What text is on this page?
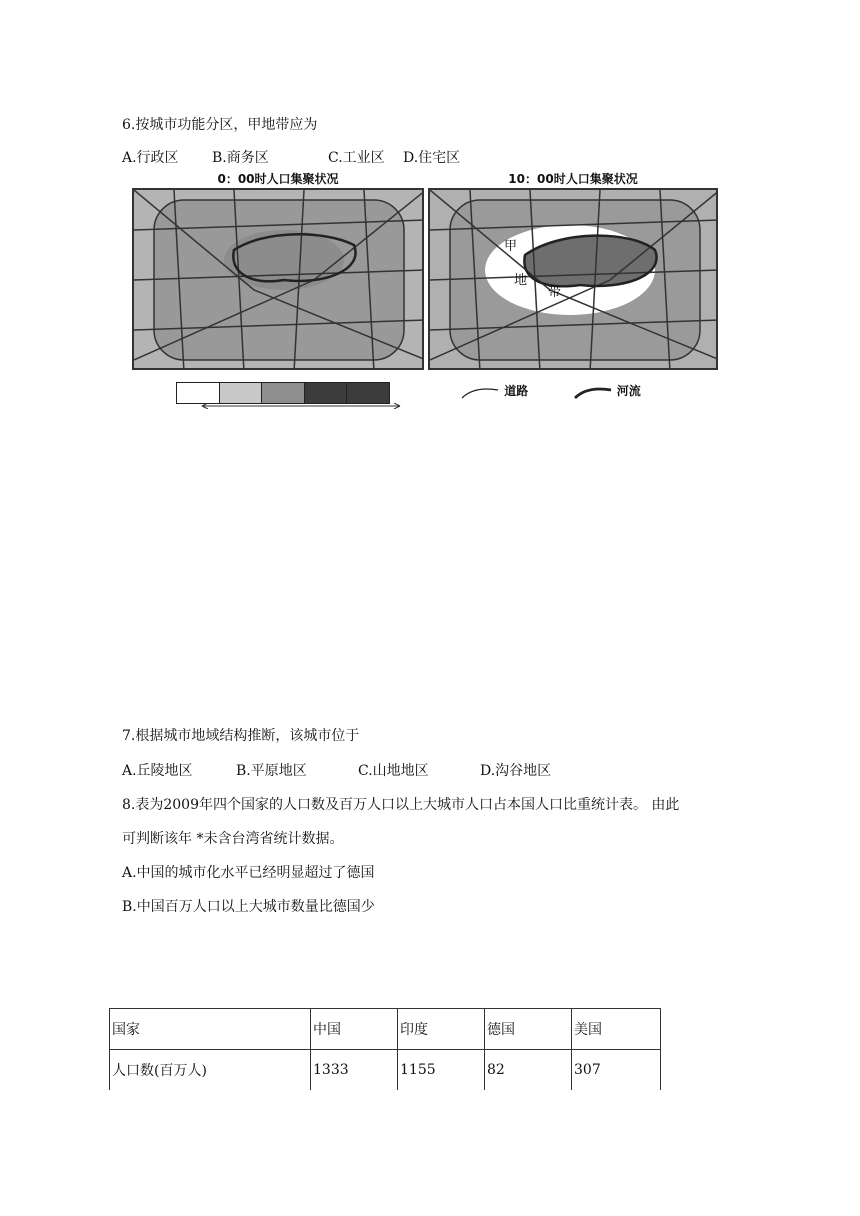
6.按城市功能分区，甲地带应为
A.行政区 B.商务区	C.工业区 D.住宅区
0：00时人口集聚状况	10：00时人口集聚状况
甲
地
带
道路	河流
7.根据城市地域结构推断，该城市位于
A.丘陵地区	B.平原地区	C.山地地区	D.沟谷地区
8.表为2009年四个国家的人口数及百万人口以上大城市人口占本国人口比重统计表。 由此
可判断该年 *未含台湾省统计数据。
A.中国的城市化水平已经明显超过了德国
B.中国百万人口以上大城市数量比德国少
国家	中国	印度	德国	美国
人口数(百万人)	1333	1155	82	307
